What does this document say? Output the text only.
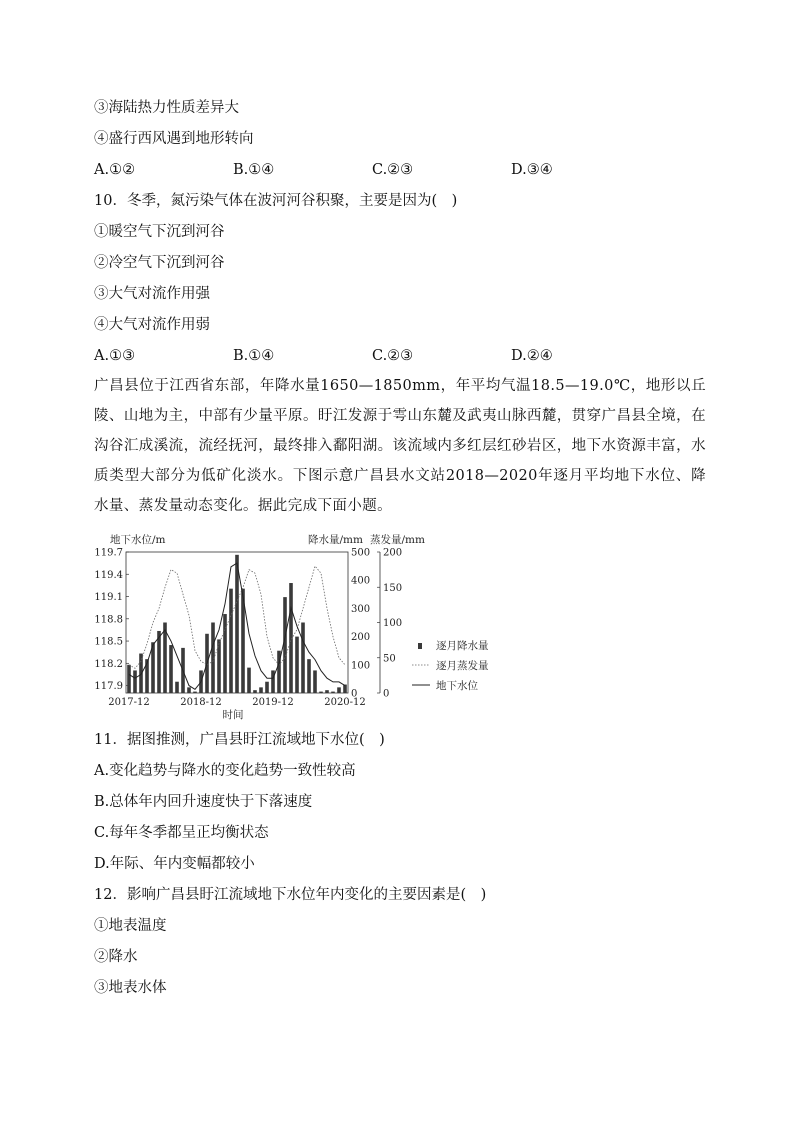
③海陆热力性质差异大
④盛行西风遇到地形转向
A.①②	B.①④	C.②③	D.③④
10．冬季，氮污染气体在波河河谷积聚，主要是因为(　)
①暖空气下沉到河谷
②冷空气下沉到河谷
③大气对流作用强
④大气对流作用弱
A.①③	B.①④	C.②③	D.②④
广昌县位于江西省东部，年降水量1650—1850mm，年平均气温18.5—19.0℃，地形以丘陵、山地为主，中部有少量平原。盱江发源于雩山东麓及武夷山脉西麓，贯穿广昌县全境，在沟谷汇成溪流，流经抚河，最终排入鄱阳湖。该流域内多红层红砂岩区，地下水资源丰富，水质类型大部分为低矿化淡水。下图示意广昌县水文站2018—2020年逐月平均地下水位、降水量、蒸发量动态变化。据此完成下面小题。
地下水位/m	降水量/mm 蒸发量/mm
119.7
119.4
119.1
118.8
118.5
118.2
117.9
500
400
300
200
100
0
200
150
100
50
0
2017-12	2018-12	2019-12	2020-12
时间
逐月降水量
逐月蒸发量
地下水位
11．据图推测，广昌县盱江流域地下水位(　)
A.变化趋势与降水的变化趋势一致性较高
B.总体年内回升速度快于下落速度
C.每年冬季都呈正均衡状态
D.年际、年内变幅都较小
12．影响广昌县盱江流域地下水位年内变化的主要因素是(　)
①地表温度
②降水
③地表水体
